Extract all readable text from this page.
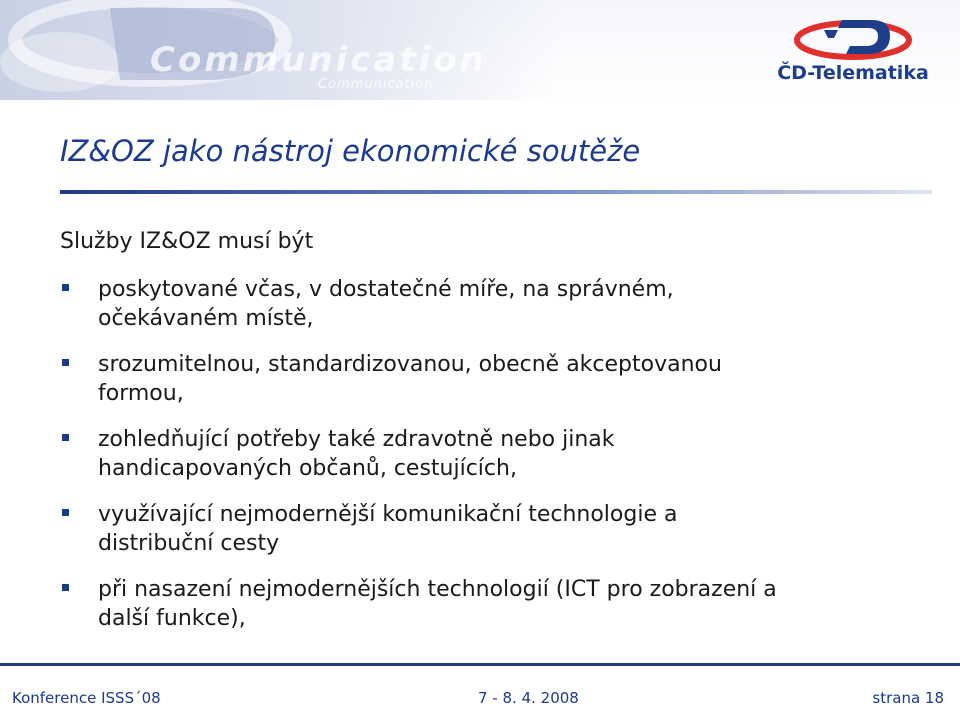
Communication
Communication
ČD-Telematika
IZ&OZ jako nástroj ekonomické soutěže
Služby IZ&OZ musí být
poskytované včas, v dostatečné míře, na správném,
očekávaném místě,
srozumitelnou, standardizovanou, obecně akceptovanou
formou,
zohledňující potřeby také zdravotně nebo jinak
handicapovaných občanů, cestujících,
využívající nejmodernější komunikační technologie a
distribuční cesty
při nasazení nejmodernějších technologií (ICT pro zobrazení a
další funkce),
Konference ISSS´08	7 - 8. 4. 2008	strana 18
